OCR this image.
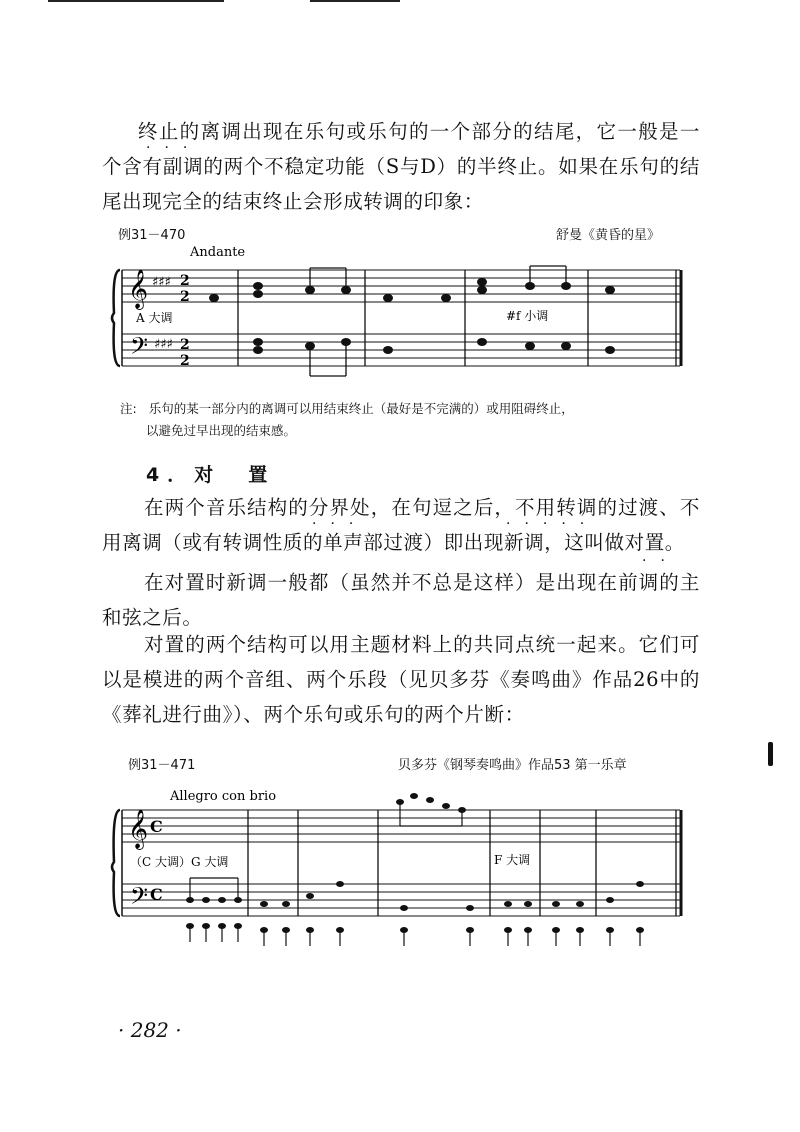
终止的离调出现在乐句或乐句的一个部分的结尾，它一般是一个含有副调的两个不稳定功能（S与D）的半终止。如果在乐句的结尾出现完全的结束终止会形成转调的印象：

·　·　·
例31－470	舒曼《黄昏的星》
Andante
𝄞
𝄢
♯♯♯
♯♯♯
2
2
2
2
A 大调	#f 小调
注: 乐句的某一部分内的离调可以用结束终止（最好是不完满的）或用阻碍终止，
以避免过早出现的结束感。
4．对　置

在两个音乐结构的分界处，在句逗之后，不用转调的过渡、不用离调（或有转调性质的单声部过渡）即出现新调，这叫做对置。

·　·　·	·　·　·　·　·
·　·

在对置时新调一般都（虽然并不总是这样）是出现在前调的主和弦之后。

对置的两个结构可以用主题材料上的共同点统一起来。它们可以是模进的两个音组、两个乐段（见贝多芬《奏鸣曲》作品26中的《葬礼进行曲》）、两个乐句或乐句的两个片断：

例31－471	贝多芬《钢琴奏鸣曲》作品53 第一乐章
Allegro con brio
𝄞 C
𝄢 C
（C 大调）G 大调	F 大调
· 282 ·
